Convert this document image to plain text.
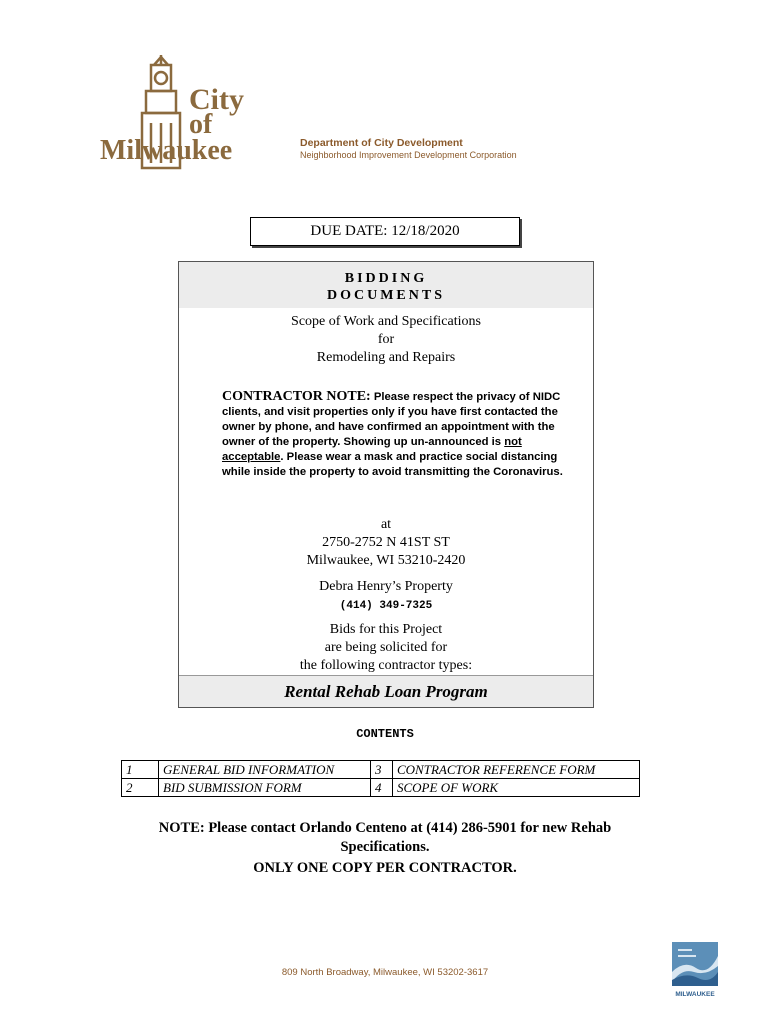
City
of
Milwaukee	Department of City Development
Neighborhood Improvement Development Corporation
DUE DATE: 12/18/2020
BIDDING
DOCUMENTS
Scope of Work and Specifications
for
Remodeling and Repairs
CONTRACTOR NOTE: Please respect the privacy of NIDC clients, and visit properties only if you have first contacted the owner by phone, and have confirmed an appointment with the owner of the property. Showing up un-announced is not acceptable. Please wear a mask and practice social distancing while inside the property to avoid transmitting the Coronavirus.
at
2750-2752 N 41ST ST
Milwaukee, WI 53210-2420
Debra Henry’s Property
(414) 349-7325
Bids for this Project
are being solicited for
the following contractor types:
Rental Rehab Loan Program
CONTENTS
1	GENERAL BID INFORMATION	3	CONTRACTOR REFERENCE FORM
2	BID SUBMISSION FORM	4	SCOPE OF WORK
NOTE: Please contact Orlando Centeno at (414) 286-5901 for new Rehab
Specifications.
ONLY ONE COPY PER CONTRACTOR.
809 North Broadway, Milwaukee, WI 53202-3617
MILWAUKEE
